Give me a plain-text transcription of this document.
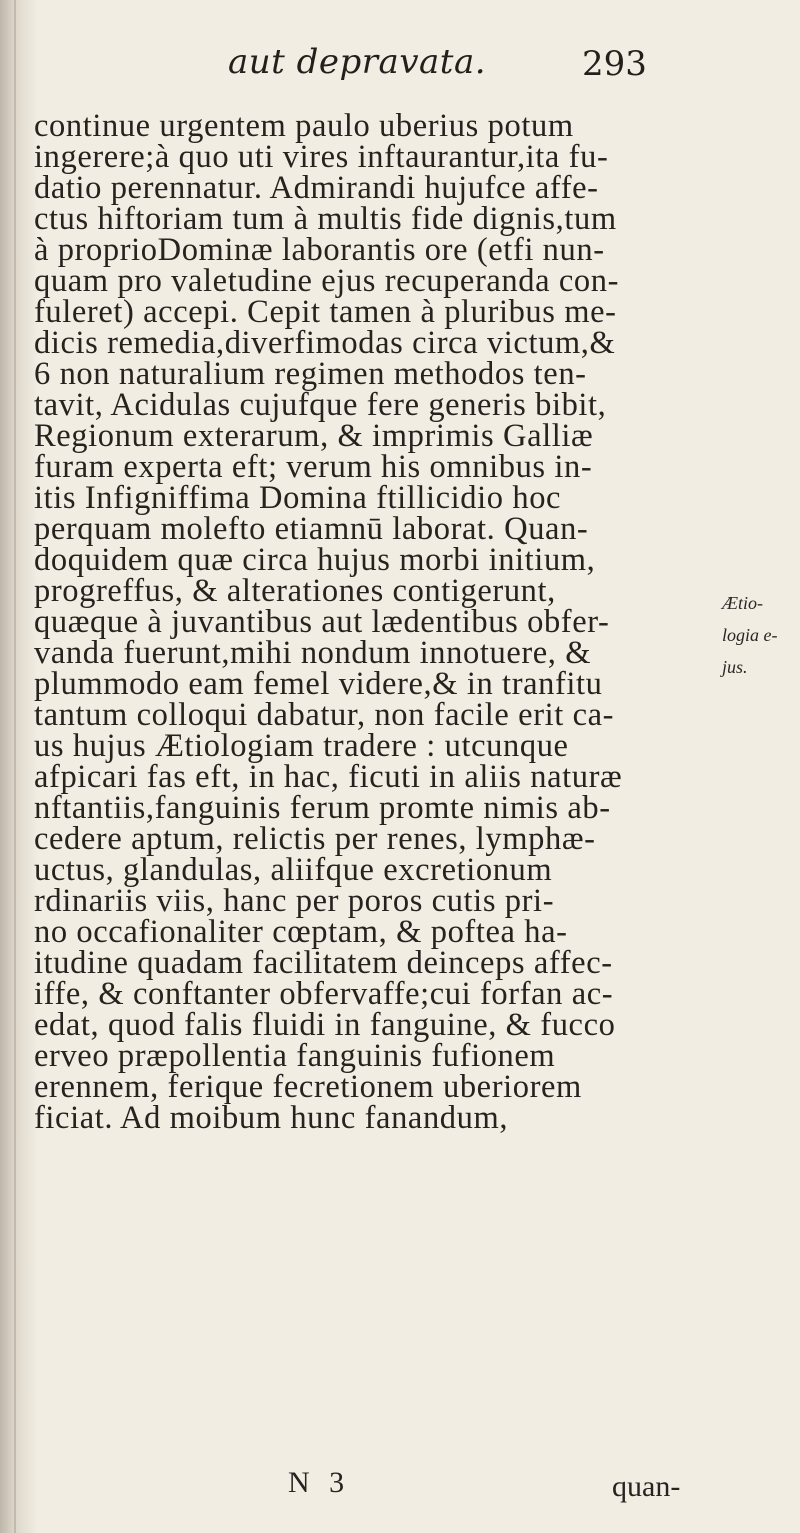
aut depravata.	293
continue urgentem paulo uberius potum
ingerere;à quo uti vires inftaurantur,ita fu-
datio perennatur. Admirandi hujufce affe-
ctus hiftoriam tum à multis fide dignis,tum
à proprioDominæ laborantis ore (etfi nun-
quam pro valetudine ejus recuperanda con-
fuleret) accepi. Cepit tamen à pluribus me-
dicis remedia,diverfimodas circa victum,&
6 non naturalium regimen methodos ten-
tavit, Acidulas cujufque fere generis bibit,
Regionum exterarum, & imprimis Galliæ
furam experta eft; verum his omnibus in-
itis Infigniffima Domina ftillicidio hoc
perquam molefto etiamnū laborat. Quan-
doquidem quæ circa hujus morbi initium,
progreffus, & alterationes contigerunt,
quæque à juvantibus aut lædentibus obfer-
vanda fuerunt,mihi nondum innotuere, &
plummodo eam femel videre,& in tranfitu
tantum colloqui dabatur, non facile erit ca-
us hujus Ætiologiam tradere : utcunque
afpicari fas eft, in hac, ficuti in aliis naturæ
nftantiis,fanguinis ferum promte nimis ab-
cedere aptum, relictis per renes, lymphæ-
uctus, glandulas, aliifque excretionum
rdinariis viis, hanc per poros cutis pri-
no occafionaliter cœptam, & poftea ha-
itudine quadam facilitatem deinceps affec-
iffe, & conftanter obfervaffe;cui forfan ac-
edat, quod falis fluidi in fanguine, & fucco
erveo præpollentia fanguinis fufionem
erennem, ferique fecretionem uberiorem
ficiat. Ad moibum hunc fanandum,
Ætio-
logia e-
jus.
N 3	quan-
